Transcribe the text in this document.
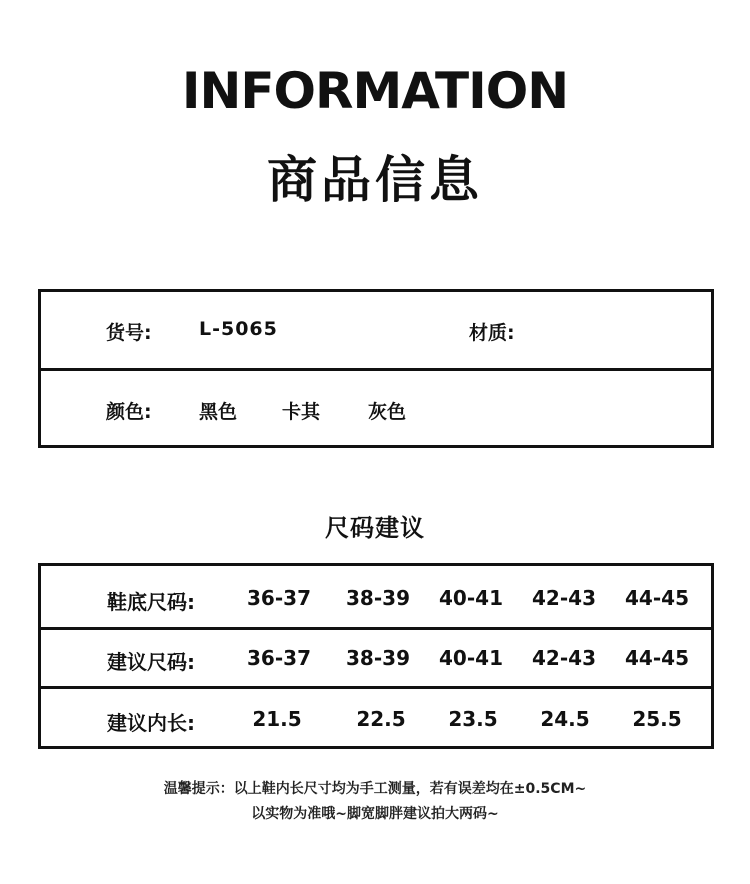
INFORMATION
商品信息
货号: L-5065	材质:
颜色: 黑色 卡其	灰色
尺码建议
鞋底尺码:	36-37	38-39	40-41	42-43	44-45
建议尺码:	36-37	38-39	40-41	42-43	44-45
建议内长:	21.5	22.5	23.5	24.5	25.5
温馨提示：以上鞋内长尺寸均为手工测量，若有误差均在±0.5CM~
以实物为准哦~脚宽脚胖建议拍大两码~
